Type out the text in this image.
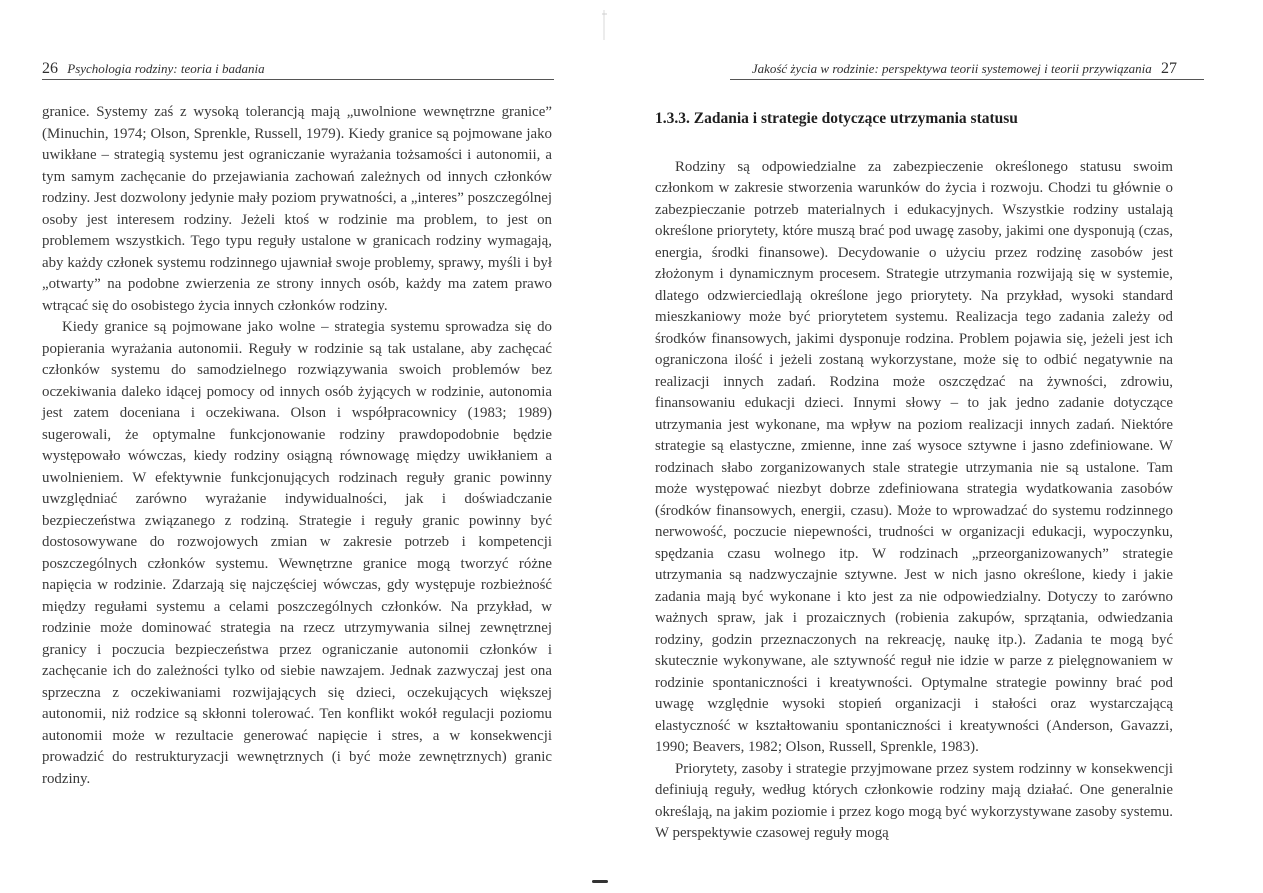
26 Psychologia rodziny: teoria i badania

granice. Systemy zaś z wysoką tolerancją mają „uwolnione wewnętrzne granice” (Minuchin, 1974; Olson, Sprenkle, Russell, 1979). Kiedy granice są pojmowane jako uwikłane – strategią systemu jest ograniczanie wyrażania tożsamości i autonomii, a tym samym zachęcanie do przejawiania zachowań zależnych od innych członków rodziny. Jest dozwolony jedynie mały poziom prywatności, a „interes” poszczególnej osoby jest interesem rodziny. Jeżeli ktoś w rodzinie ma problem, to jest on problemem wszystkich. Tego typu reguły ustalone w granicach rodziny wymagają, aby każdy członek systemu rodzinnego ujawniał swoje problemy, sprawy, myśli i był „otwarty” na podobne zwierzenia ze strony innych osób, każdy ma zatem prawo wtrącać się do osobistego życia innych członków rodziny.

Kiedy granice są pojmowane jako wolne – strategia systemu sprowadza się do popierania wyrażania autonomii. Reguły w rodzinie są tak ustalane, aby zachęcać członków systemu do samodzielnego rozwiązywania swoich problemów bez oczekiwania daleko idącej pomocy od innych osób żyjących w rodzinie, autonomia jest zatem doceniana i oczekiwana. Olson i współpracownicy (1983; 1989) sugerowali, że optymalne funkcjonowanie rodziny prawdopodobnie będzie występowało wówczas, kiedy rodziny osiągną równowagę między uwikłaniem a uwolnieniem. W efektywnie funkcjonujących rodzinach reguły granic powinny uwzględniać zarówno wyrażanie indywidualności, jak i doświadczanie bezpieczeństwa związanego z rodziną. Strategie i reguły granic powinny być dostosowywane do rozwojowych zmian w zakresie potrzeb i kompetencji poszczególnych członków systemu. Wewnętrzne granice mogą tworzyć różne napięcia w rodzinie. Zdarzają się najczęściej wówczas, gdy występuje rozbieżność między regułami systemu a celami poszczególnych członków. Na przykład, w rodzinie może dominować strategia na rzecz utrzymywania silnej zewnętrznej granicy i poczucia bezpieczeństwa przez ograniczanie autonomii członków i zachęcanie ich do zależności tylko od siebie nawzajem. Jednak zazwyczaj jest ona sprzeczna z oczekiwaniami rozwijających się dzieci, oczekujących większej autonomii, niż rodzice są skłonni tolerować. Ten konflikt wokół regulacji poziomu autonomii może w rezultacie generować napięcie i stres, a w konsekwencji prowadzić do restrukturyzacji wewnętrznych (i być może zewnętrznych) granic rodziny.

Jakość życia w rodzinie: perspektywa teorii systemowej i teorii przywiązania 27
1.3.3. Zadania i strategie dotyczące utrzymania statusu

Rodziny są odpowiedzialne za zabezpieczenie określonego statusu swoim członkom w zakresie stworzenia warunków do życia i rozwoju. Chodzi tu głównie o zabezpieczanie potrzeb materialnych i edukacyjnych. Wszystkie rodziny ustalają określone priorytety, które muszą brać pod uwagę zasoby, jakimi one dysponują (czas, energia, środki finansowe). Decydowanie o użyciu przez rodzinę zasobów jest złożonym i dynamicznym procesem. Strategie utrzymania rozwijają się w systemie, dlatego odzwierciedlają określone jego priorytety. Na przykład, wysoki standard mieszkaniowy może być priorytetem systemu. Realizacja tego zadania zależy od środków finansowych, jakimi dysponuje rodzina. Problem pojawia się, jeżeli jest ich ograniczona ilość i jeżeli zostaną wykorzystane, może się to odbić negatywnie na realizacji innych zadań. Rodzina może oszczędzać na żywności, zdrowiu, finansowaniu edukacji dzieci. Innymi słowy – to jak jedno zadanie dotyczące utrzymania jest wykonane, ma wpływ na poziom realizacji innych zadań. Niektóre strategie są elastyczne, zmienne, inne zaś wysoce sztywne i jasno zdefiniowane. W rodzinach słabo zorganizowanych stale strategie utrzymania nie są ustalone. Tam może występować niezbyt dobrze zdefiniowana strategia wydatkowania zasobów (środków finansowych, energii, czasu). Może to wprowadzać do systemu rodzinnego nerwowość, poczucie niepewności, trudności w organizacji edukacji, wypoczynku, spędzania czasu wolnego itp. W rodzinach „przeorganizowanych” strategie utrzymania są nadzwyczajnie sztywne. Jest w nich jasno określone, kiedy i jakie zadania mają być wykonane i kto jest za nie odpowiedzialny. Dotyczy to zarówno ważnych spraw, jak i prozaicznych (robienia zakupów, sprzątania, odwiedzania rodziny, godzin przeznaczonych na rekreację, naukę itp.). Zadania te mogą być skutecznie wykonywane, ale sztywność reguł nie idzie w parze z pielęgnowaniem w rodzinie spontaniczności i kreatywności. Optymalne strategie powinny brać pod uwagę względnie wysoki stopień organizacji i stałości oraz wystarczającą elastyczność w kształtowaniu spontaniczności i kreatywności (Anderson, Gavazzi, 1990; Beavers, 1982; Olson, Russell, Sprenkle, 1983).

Priorytety, zasoby i strategie przyjmowane przez system rodzinny w konsekwencji definiują reguły, według których członkowie rodziny mają działać. One generalnie określają, na jakim poziomie i przez kogo mogą być wykorzystywane zasoby systemu. W perspektywie czasowej reguły mogą
